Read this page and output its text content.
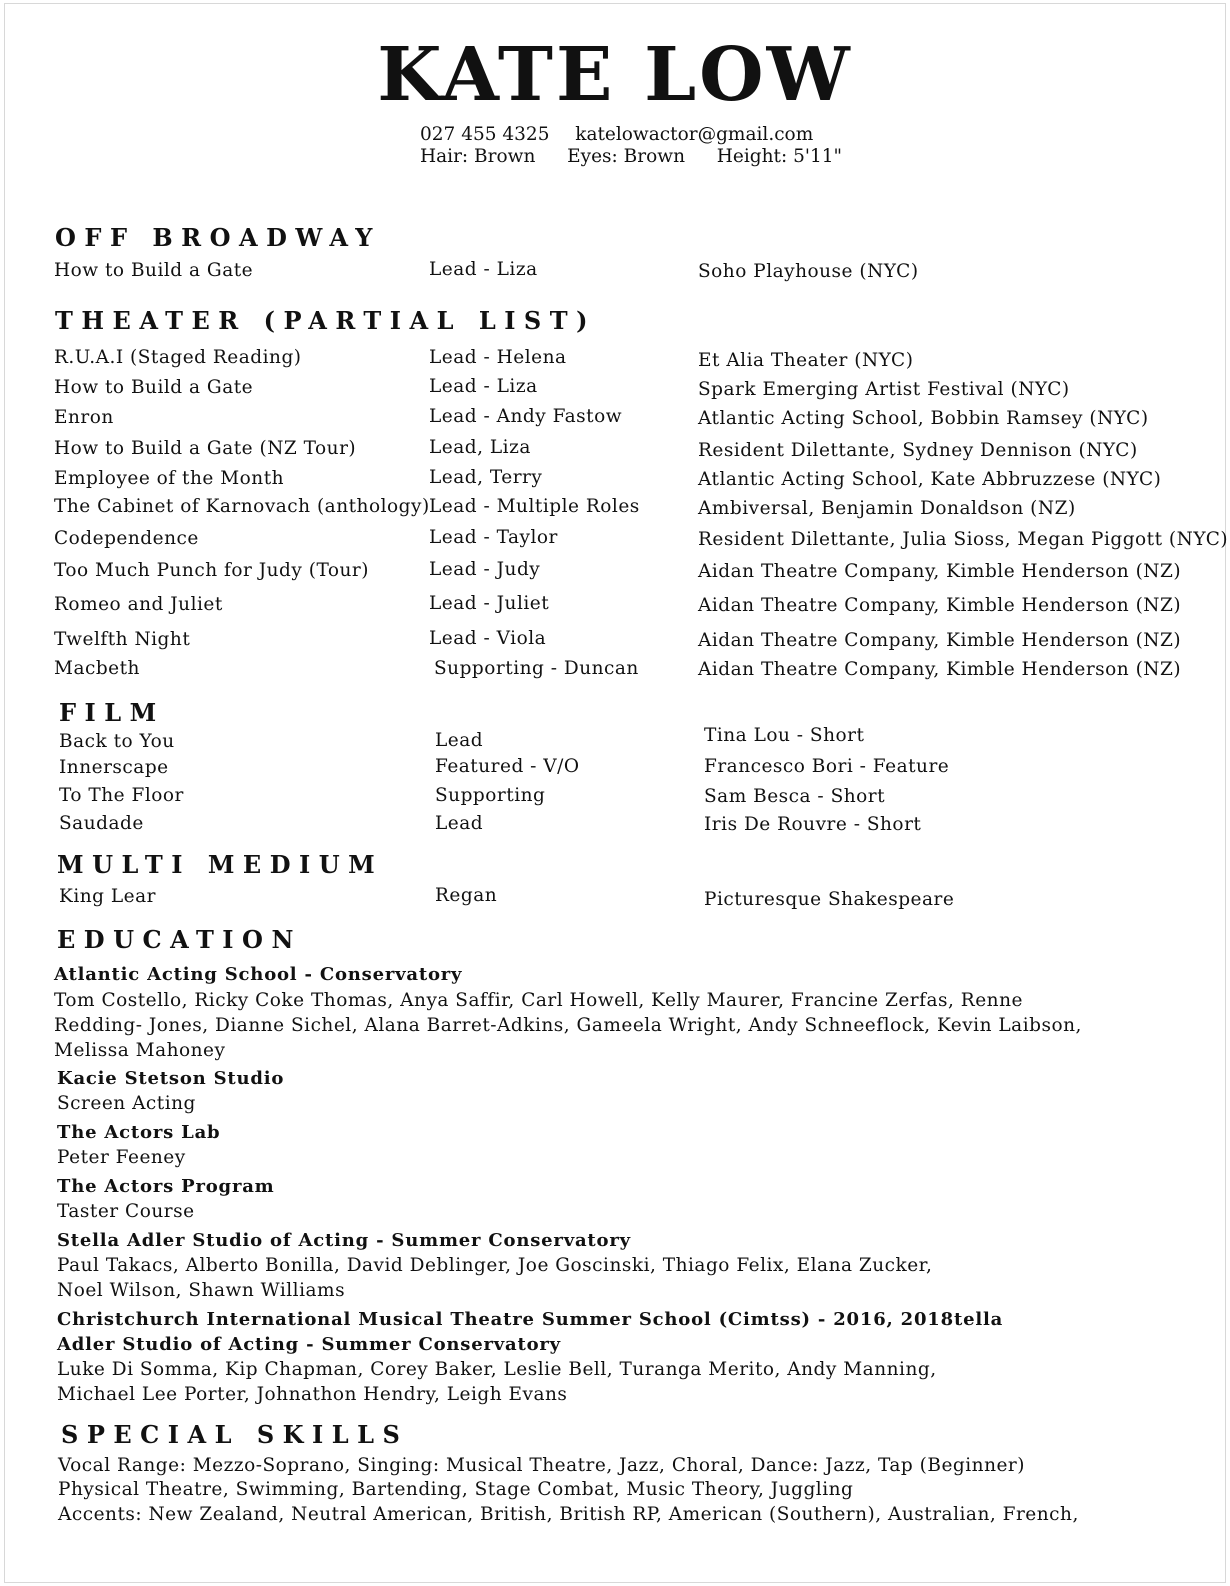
KATE LOW
027 455 4325 katelowactor@gmail.com
Hair: Brown Eyes: Brown Height: 5'11"
OFF BROADWAY
How to Build a Gate	Lead - Liza	Soho Playhouse (NYC)
THEATER (PARTIAL LIST)
R.U.A.I (Staged Reading)	Lead - Helena	Et Alia Theater (NYC)
How to Build a Gate	Lead - Liza	Spark Emerging Artist Festival (NYC)
Enron	Lead - Andy Fastow	Atlantic Acting School, Bobbin Ramsey (NYC)
How to Build a Gate (NZ Tour)	Lead, Liza	Resident Dilettante, Sydney Dennison (NYC)
Employee of the Month	Lead, Terry	Atlantic Acting School, Kate Abbruzzese (NYC)
The Cabinet of Karnovach (anthology) Lead - Multiple Roles	Ambiversal, Benjamin Donaldson (NZ)
Codependence	Lead - Taylor	Resident Dilettante, Julia Sioss, Megan Piggott (NYC)
Too Much Punch for Judy (Tour)	Lead - Judy	Aidan Theatre Company, Kimble Henderson (NZ)
Romeo and Juliet	Lead - Juliet	Aidan Theatre Company, Kimble Henderson (NZ)
Twelfth Night	Lead - Viola	Aidan Theatre Company, Kimble Henderson (NZ)
Macbeth	Supporting - Duncan	Aidan Theatre Company, Kimble Henderson (NZ)
FILM
Back to You	Lead	Tina Lou - Short
Innerscape	Featured - V/O	Francesco Bori - Feature
To The Floor	Supporting	Sam Besca - Short
Saudade	Lead	Iris De Rouvre - Short
MULTI MEDIUM
King Lear	Regan	Picturesque Shakespeare
EDUCATION
Atlantic Acting School - Conservatory
Tom Costello, Ricky Coke Thomas, Anya Saffir, Carl Howell, Kelly Maurer, Francine Zerfas, Renne
Redding- Jones, Dianne Sichel, Alana Barret-Adkins, Gameela Wright, Andy Schneeflock, Kevin Laibson,
Melissa Mahoney
Kacie Stetson Studio
Screen Acting
The Actors Lab
Peter Feeney
The Actors Program
Taster Course
Stella Adler Studio of Acting - Summer Conservatory
Paul Takacs, Alberto Bonilla, David Deblinger, Joe Goscinski, Thiago Felix, Elana Zucker,
Noel Wilson, Shawn Williams
Christchurch International Musical Theatre Summer School (Cimtss) - 2016, 2018tella
Adler Studio of Acting - Summer Conservatory
Luke Di Somma, Kip Chapman, Corey Baker, Leslie Bell, Turanga Merito, Andy Manning,
Michael Lee Porter, Johnathon Hendry, Leigh Evans
SPECIAL SKILLS
Vocal Range: Mezzo-Soprano, Singing: Musical Theatre, Jazz, Choral, Dance: Jazz, Tap (Beginner)
Physical Theatre, Swimming, Bartending, Stage Combat, Music Theory, Juggling
Accents: New Zealand, Neutral American, British, British RP, American (Southern), Australian, French,
